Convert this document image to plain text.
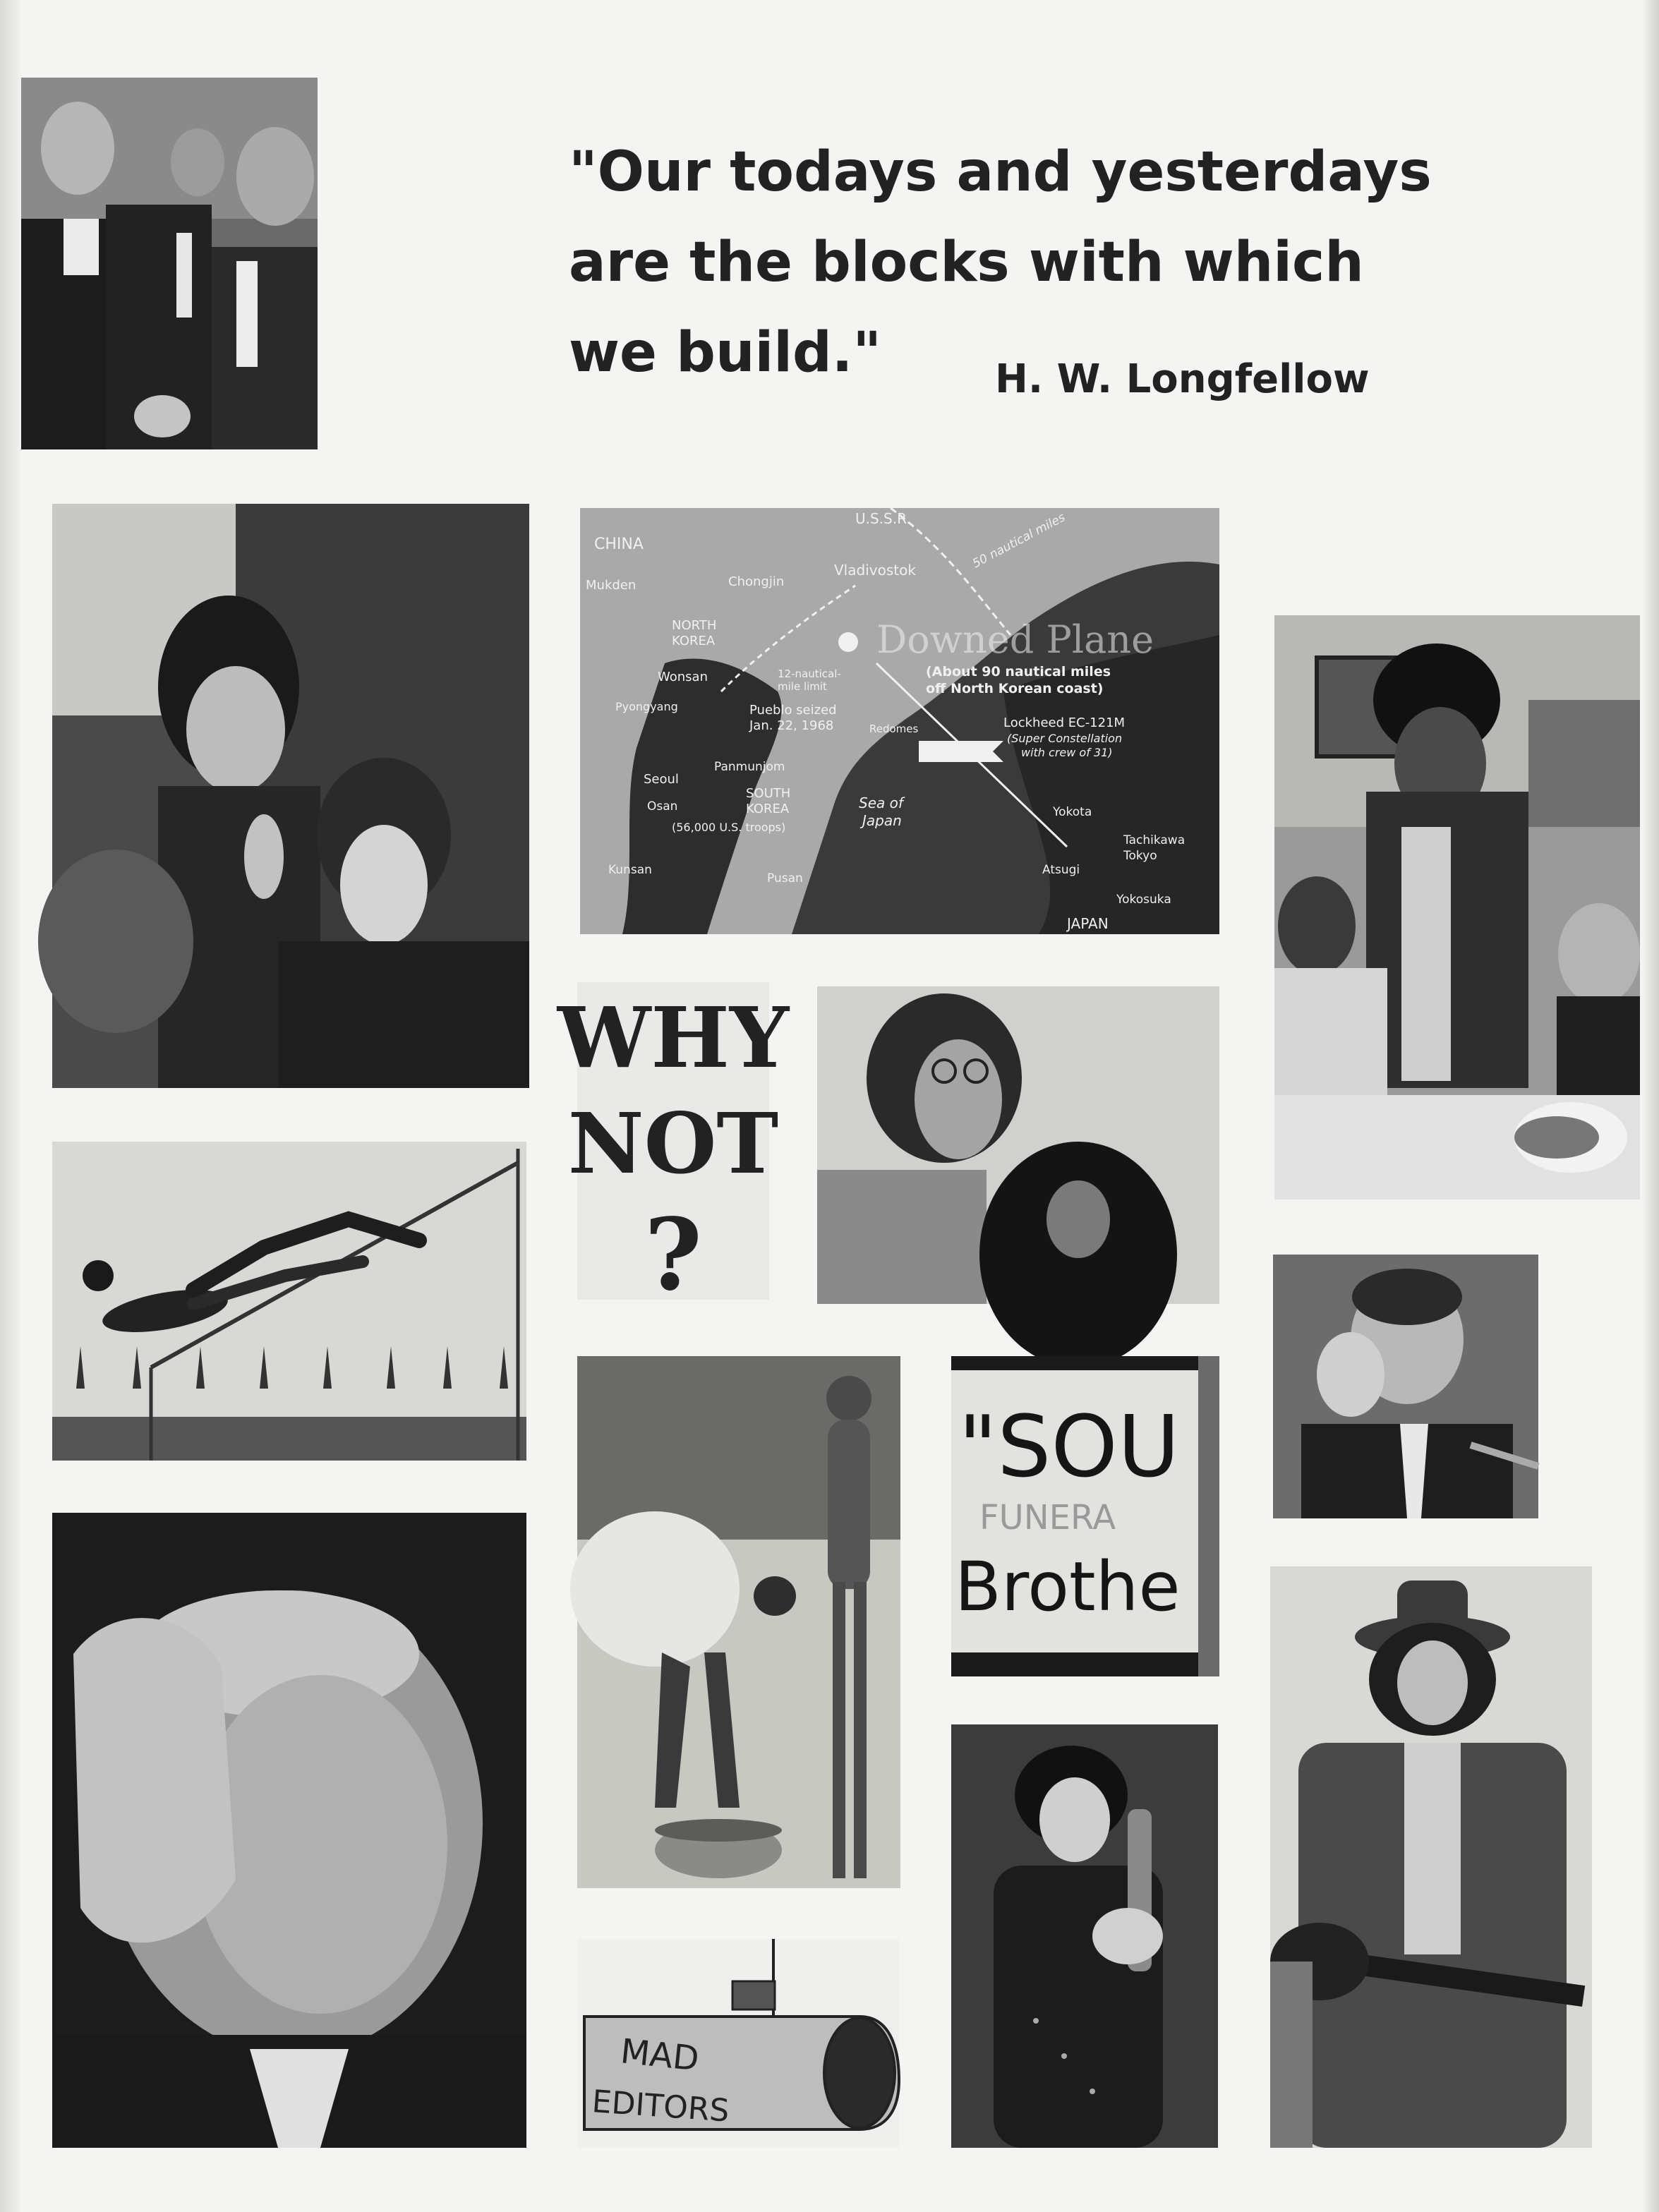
"Our todays and yesterdays
are the blocks with which
we build."	H. W. Longfellow
CHINA
U.S.S.R.
Mukden
Vladivostok
Chongjin
NORTH
KOREA
Wonsan
Pyongyang
12-nautical-
mile limit
Pueblo seized
Jan. 22, 1968	Redomes
Panmunjom
Seoul
Osan
SOUTH
KOREA
(56,000 U.S. troops)
Kunsan
Pusan
Sea of
Japan
JAPAN
Yokota
Tachikawa
Tokyo
Atsugi
Yokosuka
Downed Plane
(About 90 nautical miles
off North Korean coast)
Lockheed EC-121M
(Super Constellation
with crew of 31)
50 nautical miles
WHY
NOT
?
"SOU
FUNERA
Brothe
MAD
EDITORS
